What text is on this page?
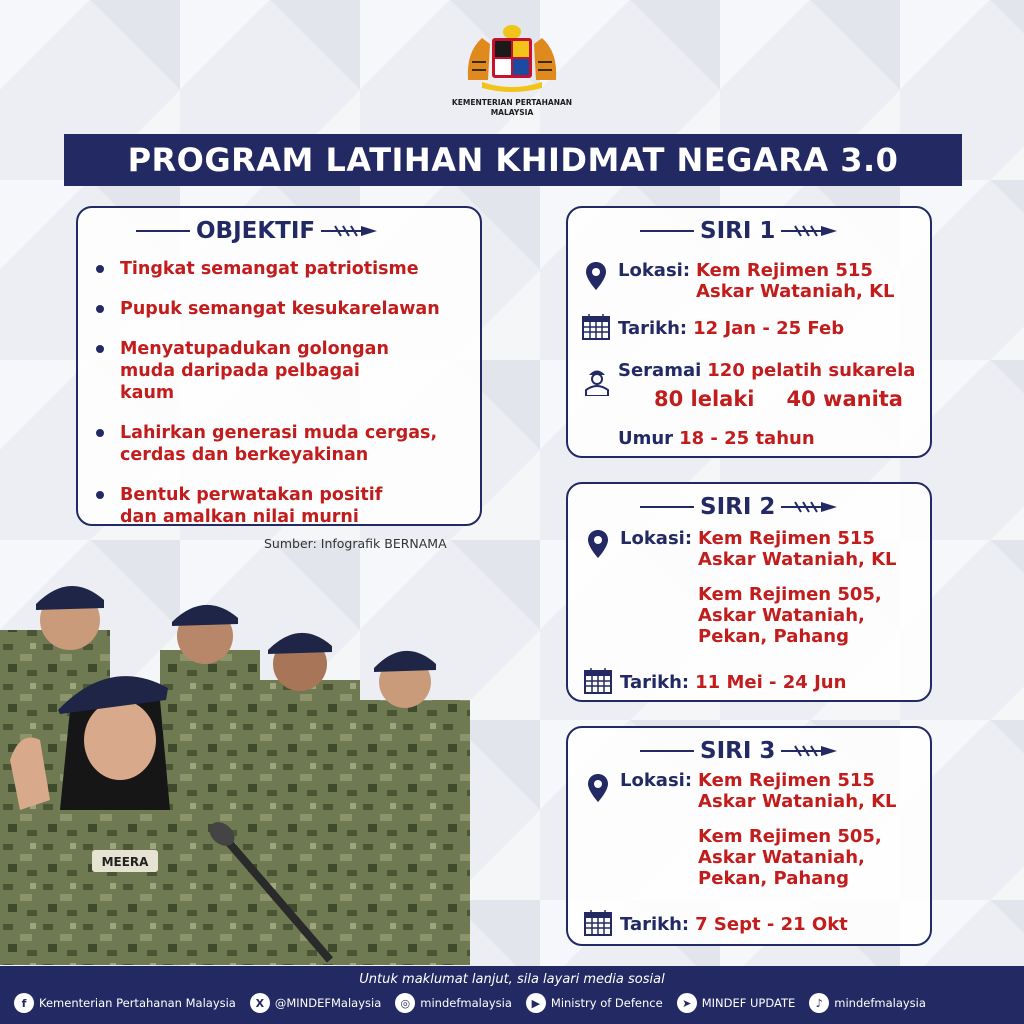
KEMENTERIAN PERTAHANAN
MALAYSIA
PROGRAM LATIHAN KHIDMAT NEGARA 3.0
OBJEKTIF
Tingkat semangat patriotisme
Pupuk semangat kesukarelawan
Menyatupadukan golongan muda daripada pelbagai kaum
Lahirkan generasi muda cergas, cerdas dan berkeyakinan
Bentuk perwatakan positif dan amalkan nilai murni
Sumber: Infografik BERNAMA
SIRI 1
Lokasi: Kem Rejimen 515
Askar Wataniah, KL
Tarikh: 12 Jan - 25 Feb
Seramai 120 pelatih sukarela
80 lelaki 40 wanita
Umur 18 - 25 tahun
SIRI 2
Lokasi: Kem Rejimen 515
Askar Wataniah, KL

Kem Rejimen 505,
Askar Wataniah,
Pekan, Pahang
Tarikh: 11 Mei - 24 Jun
SIRI 3
Lokasi: Kem Rejimen 515
Askar Wataniah, KL

Kem Rejimen 505,
Askar Wataniah,
Pekan, Pahang
Tarikh: 7 Sept - 21 Okt
MEERA
Untuk maklumat lanjut, sila layari media sosial
f	Kementerian Pertahanan Malaysia	X @MINDEFMalaysia	◎ mindefmalaysia	▶ Ministry of Defence	➤ MINDEF UPDATE	♪ mindefmalaysia
